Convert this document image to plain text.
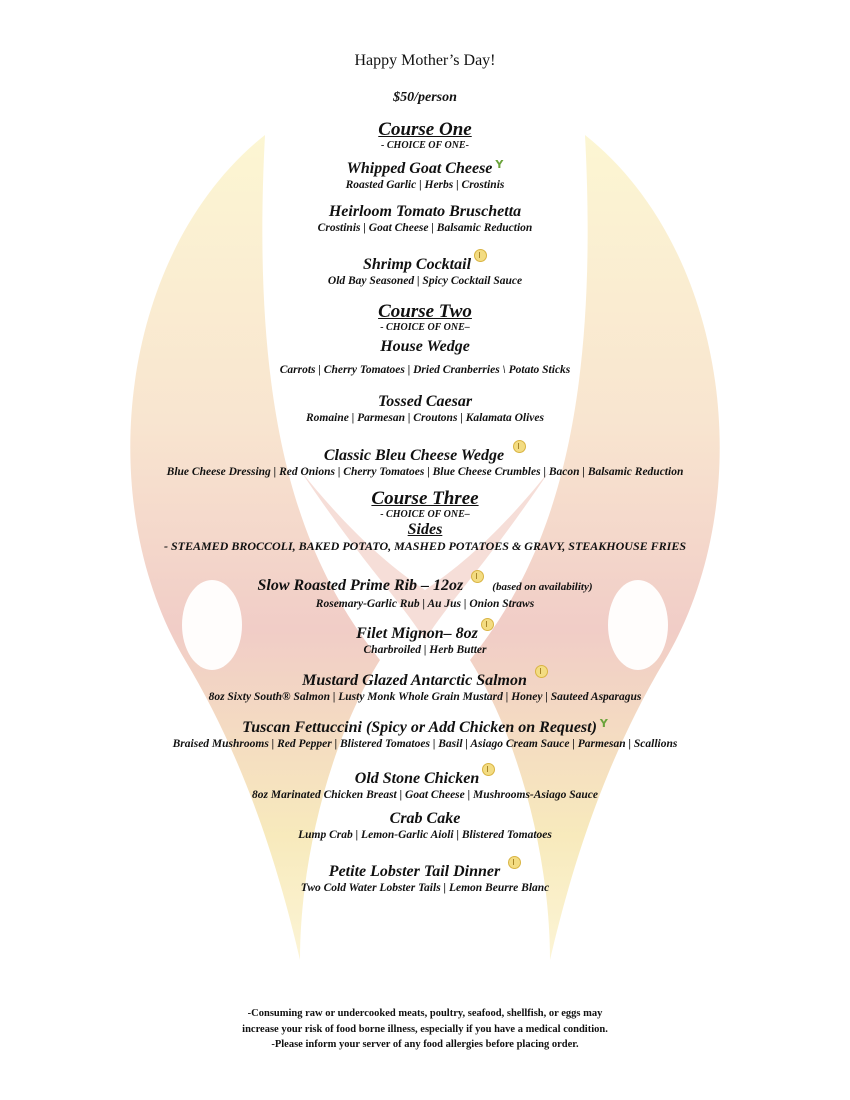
Happy Mother’s Day!
$50/person
Course One
- CHOICE OF ONE-
Whipped Goat Cheese Y
Roasted Garlic | Herbs | Crostinis
Heirloom Tomato Bruschetta
Crostinis | Goat Cheese | Balsamic Reduction
Shrimp Cocktail
Old Bay Seasoned | Spicy Cocktail Sauce
Course Two
- CHOICE OF ONE–
House Wedge
Carrots | Cherry Tomatoes | Dried Cranberries \ Potato Sticks
Tossed Caesar
Romaine | Parmesan | Croutons | Kalamata Olives
Classic Bleu Cheese Wedge
Blue Cheese Dressing | Red Onions | Cherry Tomatoes | Blue Cheese Crumbles | Bacon | Balsamic Reduction
Course Three
- CHOICE OF ONE–
Sides
- STEAMED BROCCOLI, BAKED POTATO, MASHED POTATOES & GRAVY, STEAKHOUSE FRIES
Slow Roasted Prime Rib – 12oz	(based on availability)
Rosemary-Garlic Rub | Au Jus | Onion Straws
Filet Mignon– 8oz
Charbroiled | Herb Butter
Mustard Glazed Antarctic Salmon
8oz Sixty South® Salmon | Lusty Monk Whole Grain Mustard | Honey | Sauteed Asparagus
Tuscan Fettuccini (Spicy or Add Chicken on Request) Y
Braised Mushrooms | Red Pepper | Blistered Tomatoes | Basil | Asiago Cream Sauce | Parmesan | Scallions
Old Stone Chicken
8oz Marinated Chicken Breast | Goat Cheese | Mushrooms-Asiago Sauce
Crab Cake
Lump Crab | Lemon-Garlic Aioli | Blistered Tomatoes
Petite Lobster Tail Dinner
Two Cold Water Lobster Tails | Lemon Beurre Blanc
-Consuming raw or undercooked meats, poultry, seafood, shellfish, or eggs may
increase your risk of food borne illness, especially if you have a medical condition.
-Please inform your server of any food allergies before placing order.
